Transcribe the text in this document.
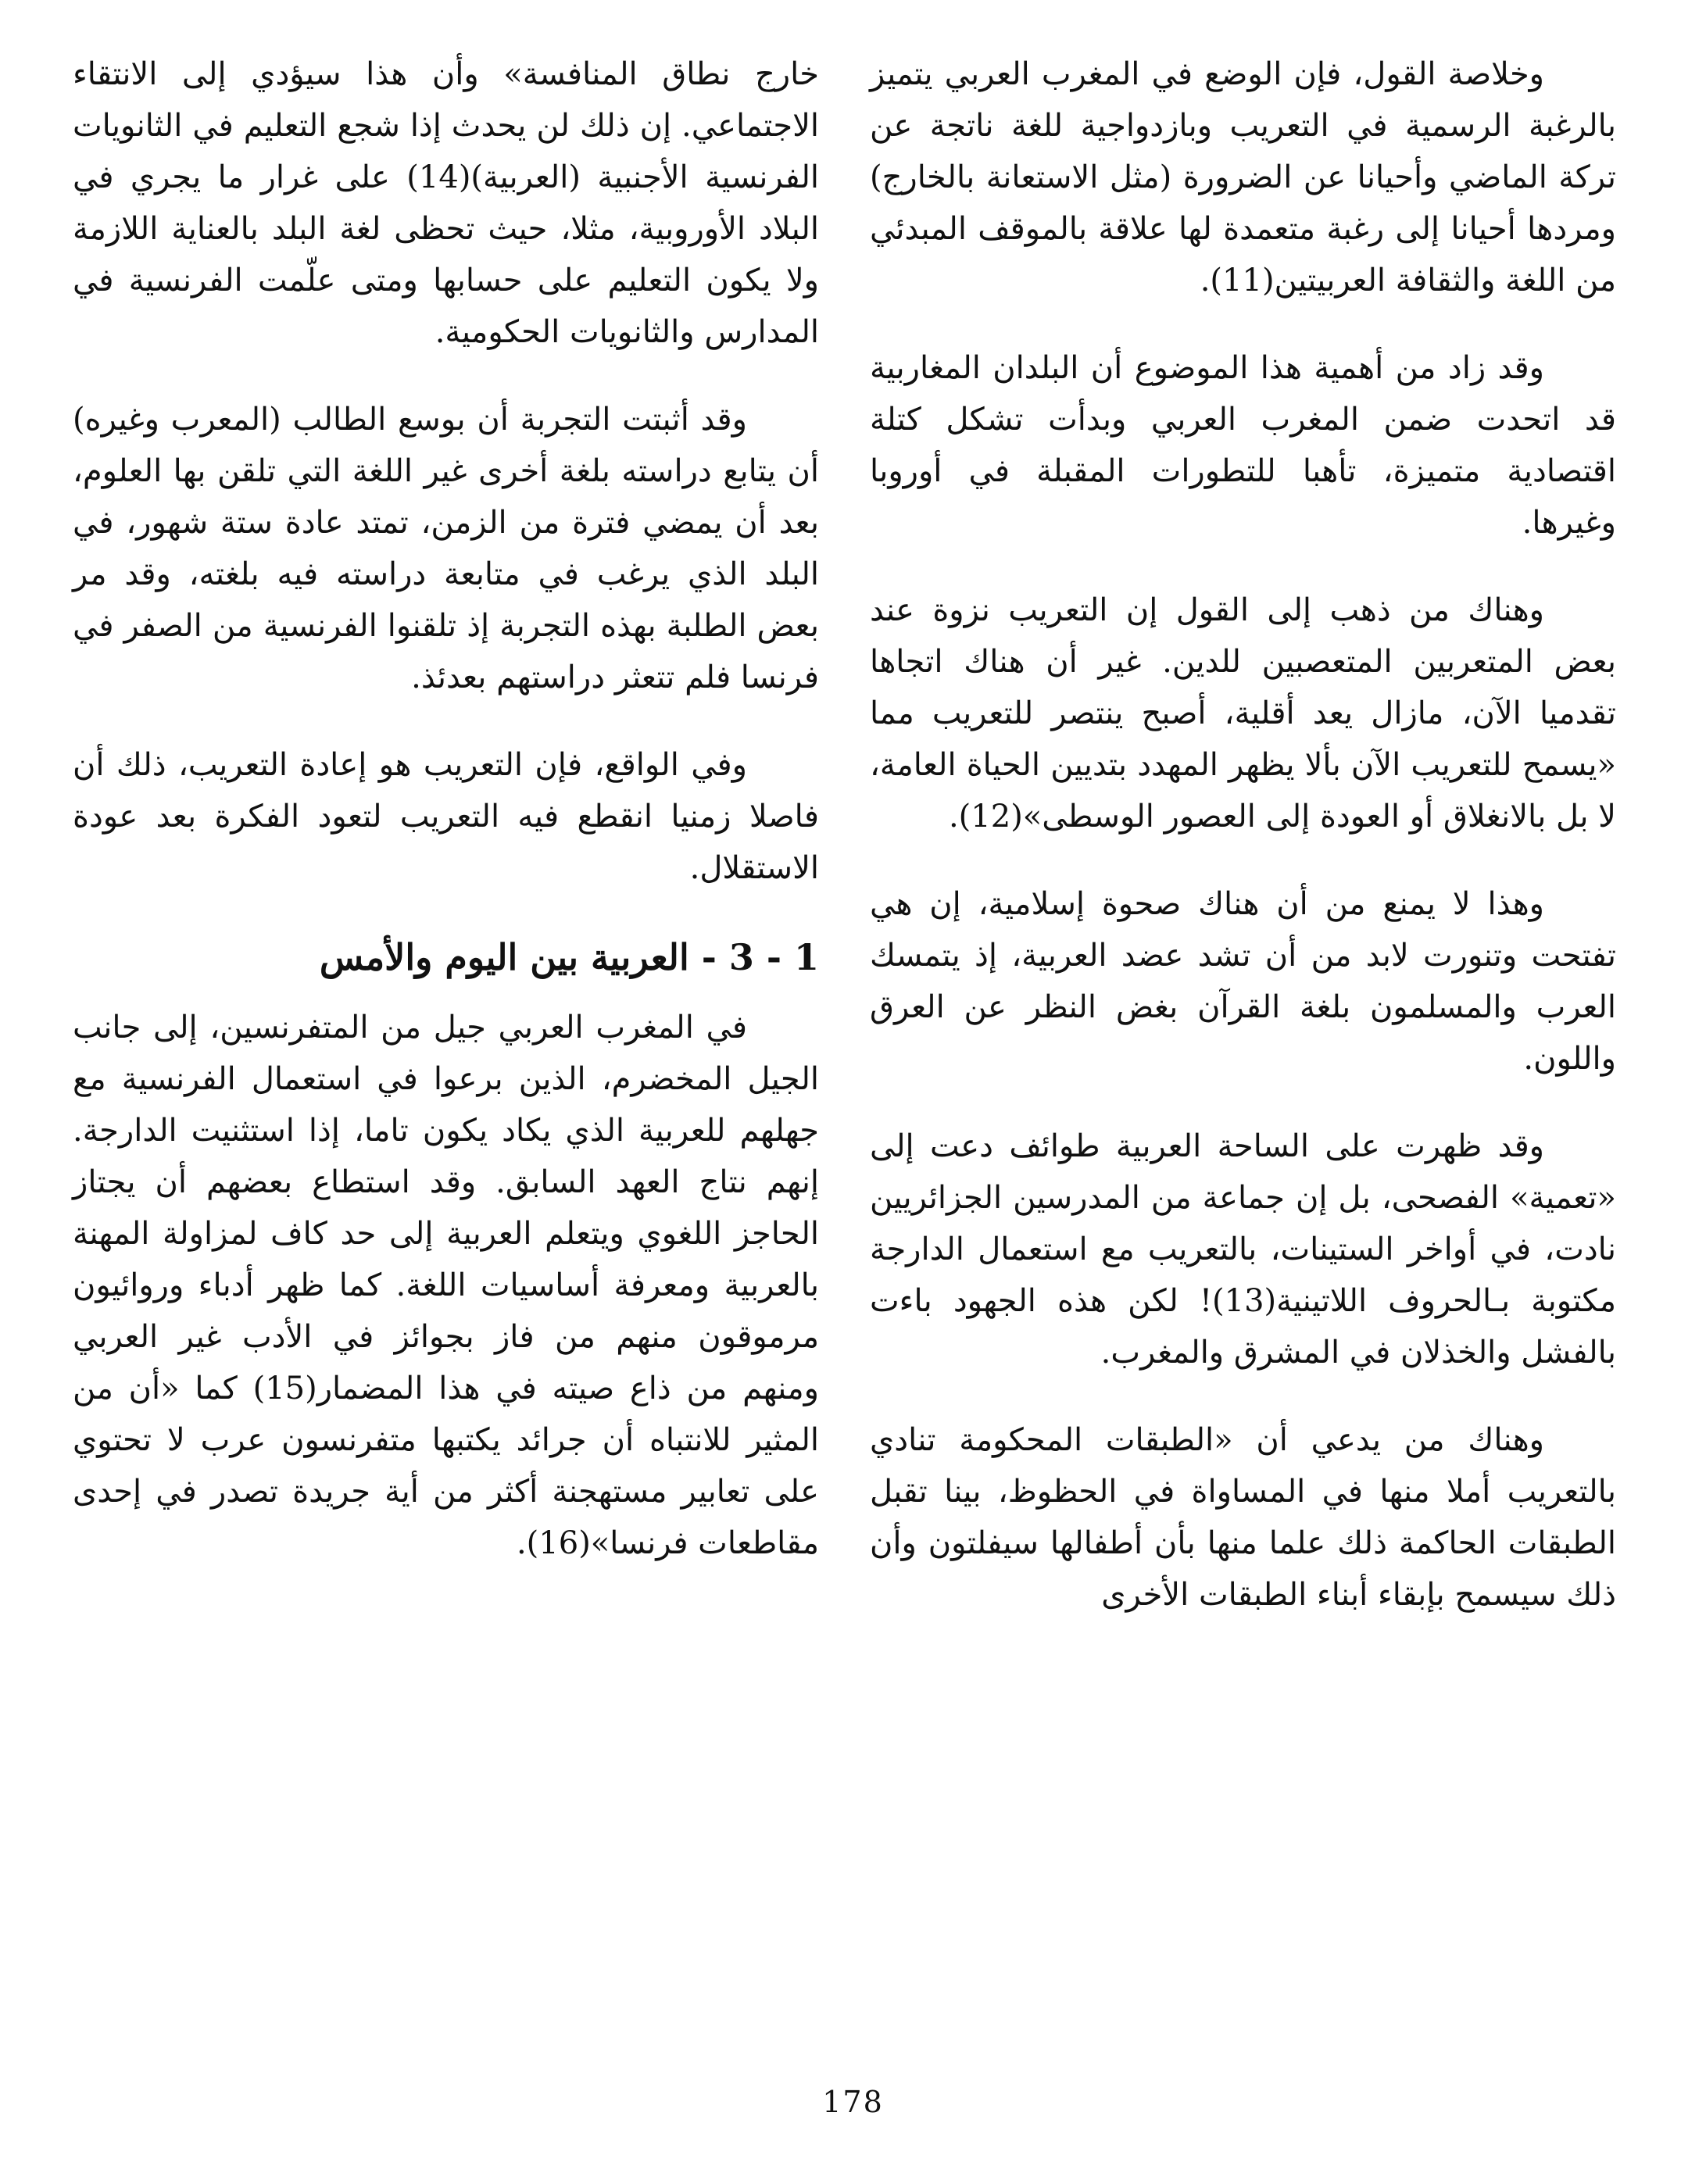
وخلاصة القول، فإن الوضع في المغرب العربي يتميز بالرغبة الرسمية في التعريب وبازدواجية للغة ناتجة عن تركة الماضي وأحيانا عن الضرورة (مثل الاستعانة بالخارج) ومردها أحيانا إلى رغبة متعمدة لها علاقة بالموقف المبدئي من اللغة والثقافة العربيتين(11).

وقد زاد من أهمية هذا الموضوع أن البلدان المغاربية قد اتحدت ضمن المغرب العربي وبدأت تشكل كتلة اقتصادية متميزة، تأهبا للتطورات المقبلة في أوروبا وغيرها.

وهناك من ذهب إلى القول إن التعريب نزوة عند بعض المتعربين المتعصبين للدين. غير أن هناك اتجاها تقدميا الآن، مازال يعد أقلية، أصبح ينتصر للتعريب مما «يسمح للتعريب الآن بألا يظهر المهدد بتديين الحياة العامة، لا بل بالانغلاق أو العودة إلى العصور الوسطى»(12).

وهذا لا يمنع من أن هناك صحوة إسلامية، إن هي تفتحت وتنورت لابد من أن تشد عضد العربية، إذ يتمسك العرب والمسلمون بلغة القرآن بغض النظر عن العرق واللون.

وقد ظهرت على الساحة العربية طوائف دعت إلى «تعمية» الفصحى، بل إن جماعة من المدرسين الجزائريين نادت، في أواخر الستينات، بالتعريب مع استعمال الدارجة مكتوبة بـالحروف اللاتينية(13)! لكن هذه الجهود باءت بالفشل والخذلان في المشرق والمغرب.

وهناك من يدعي أن «الطبقات المحكومة تنادي بالتعريب أملا منها في المساواة في الحظوظ، بينا تقبل الطبقات الحاكمة ذلك علما منها بأن أطفالها سيفلتون وأن ذلك سيسمح بإبقاء أبناء الطبقات الأخرى

خارج نطاق المنافسة» وأن هذا سيؤدي إلى الانتقاء الاجتماعي. إن ذلك لن يحدث إذا شجع التعليم في الثانويات الفرنسية الأجنبية (العربية)(14) على غرار ما يجري في البلاد الأوروبية، مثلا، حيث تحظى لغة البلد بالعناية اللازمة ولا يكون التعليم على حسابها ومتى علّمت الفرنسية في المدارس والثانويات الحكومية.

وقد أثبتت التجربة أن بوسع الطالب (المعرب وغيره) أن يتابع دراسته بلغة أخرى غير اللغة التي تلقن بها العلوم، بعد أن يمضي فترة من الزمن، تمتد عادة ستة شهور، في البلد الذي يرغب في متابعة دراسته فيه بلغته، وقد مر بعض الطلبة بهذه التجربة إذ تلقنوا الفرنسية من الصفر في فرنسا فلم تتعثر دراستهم بعدئذ.

وفي الواقع، فإن التعريب هو إعادة التعريب، ذلك أن فاصلا زمنيا انقطع فيه التعريب لتعود الفكرة بعد عودة الاستقلال.

1 - 3 - العربية بين اليوم والأمس

في المغرب العربي جيل من المتفرنسين، إلى جانب الجيل المخضرم، الذين برعوا في استعمال الفرنسية مع جهلهم للعربية الذي يكاد يكون تاما، إذا استثنيت الدارجة. إنهم نتاج العهد السابق. وقد استطاع بعضهم أن يجتاز الحاجز اللغوي ويتعلم العربية إلى حد كاف لمزاولة المهنة بالعربية ومعرفة أساسيات اللغة. كما ظهر أدباء وروائيون مرموقون منهم من فاز بجوائز في الأدب غير العربي ومنهم من ذاع صيته في هذا المضمار(15) كما «أن من المثير للانتباه أن جرائد يكتبها متفرنسون عرب لا تحتوي على تعابير مستهجنة أكثر من أية جريدة تصدر في إحدى مقاطعات فرنسا»(16).

178
